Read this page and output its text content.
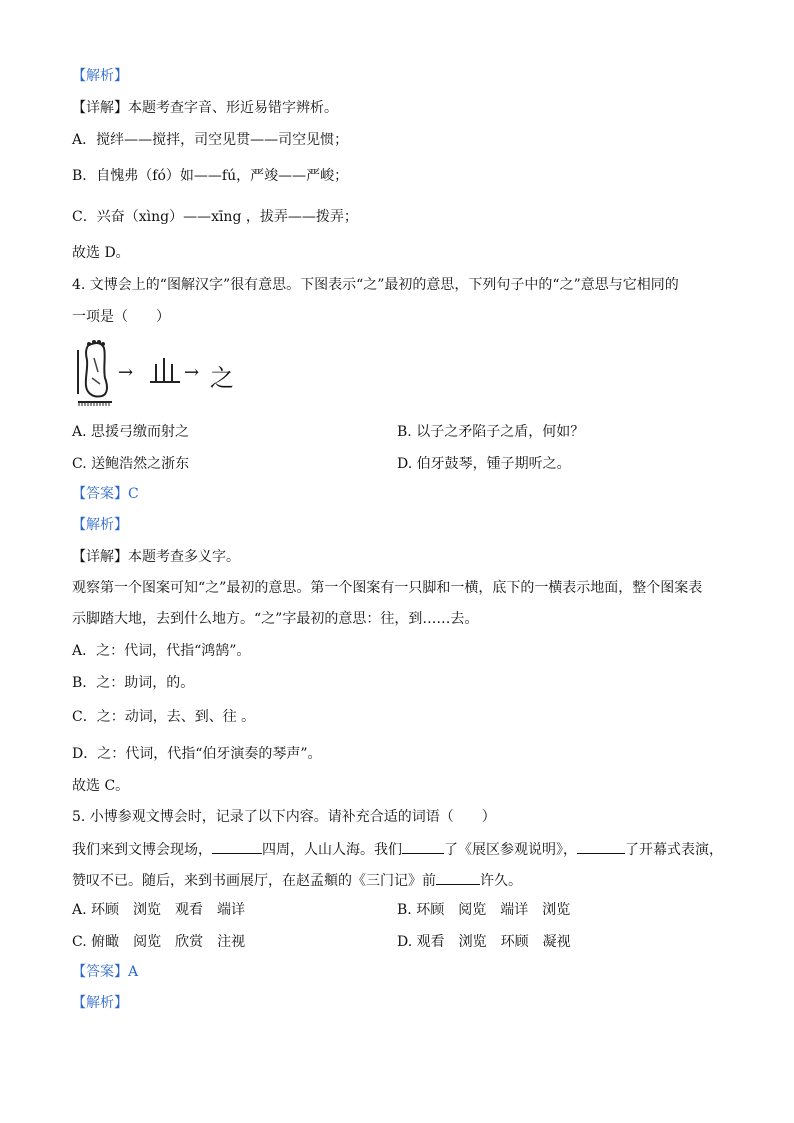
【解析】
【详解】本题考查字音、形近易错字辨析。
A．搅绊——搅拌，司空见贯——司空见惯；
B．自愧弗（fó）如——fú，严竣——严峻；
C．兴奋（xìng）——xīng ，拔弄——拨弄；
故选 D。
4. 文博会上的“图解汉字”很有意思。下图表示“之”最初的意思，下列句子中的“之”意思与它相同的
一项是（　　）
→	→ 之
A. 思援弓缴而射之	B. 以子之矛陷子之盾，何如？
C. 送鲍浩然之浙东	D. 伯牙鼓琴，锺子期听之。
【答案】C
【解析】
【详解】本题考查多义字。
观察第一个图案可知“之”最初的意思。第一个图案有一只脚和一横，底下的一横表示地面，整个图案表
示脚踏大地，去到什么地方。“之”字最初的意思：往，到……去。
A．之：代词，代指“鸿鹄”。
B．之：助词，的。
C．之：动词，去、到、往 。
D．之：代词，代指“伯牙演奏的琴声”。
故选 C。
5. 小博参观文博会时，记录了以下内容。请补充合适的词语（　　）
我们来到文博会现场，	四周，人山人海。我们	了《展区参观说明》，	了开幕式表演，
赞叹不已。随后，来到书画展厅，在赵孟頫的《三门记》前	许久。
A. 环顾　浏览　观看　端详	B. 环顾　阅览　端详　浏览
C. 俯瞰　阅览　欣赏　注视	D. 观看　浏览　环顾　凝视
【答案】A
【解析】
